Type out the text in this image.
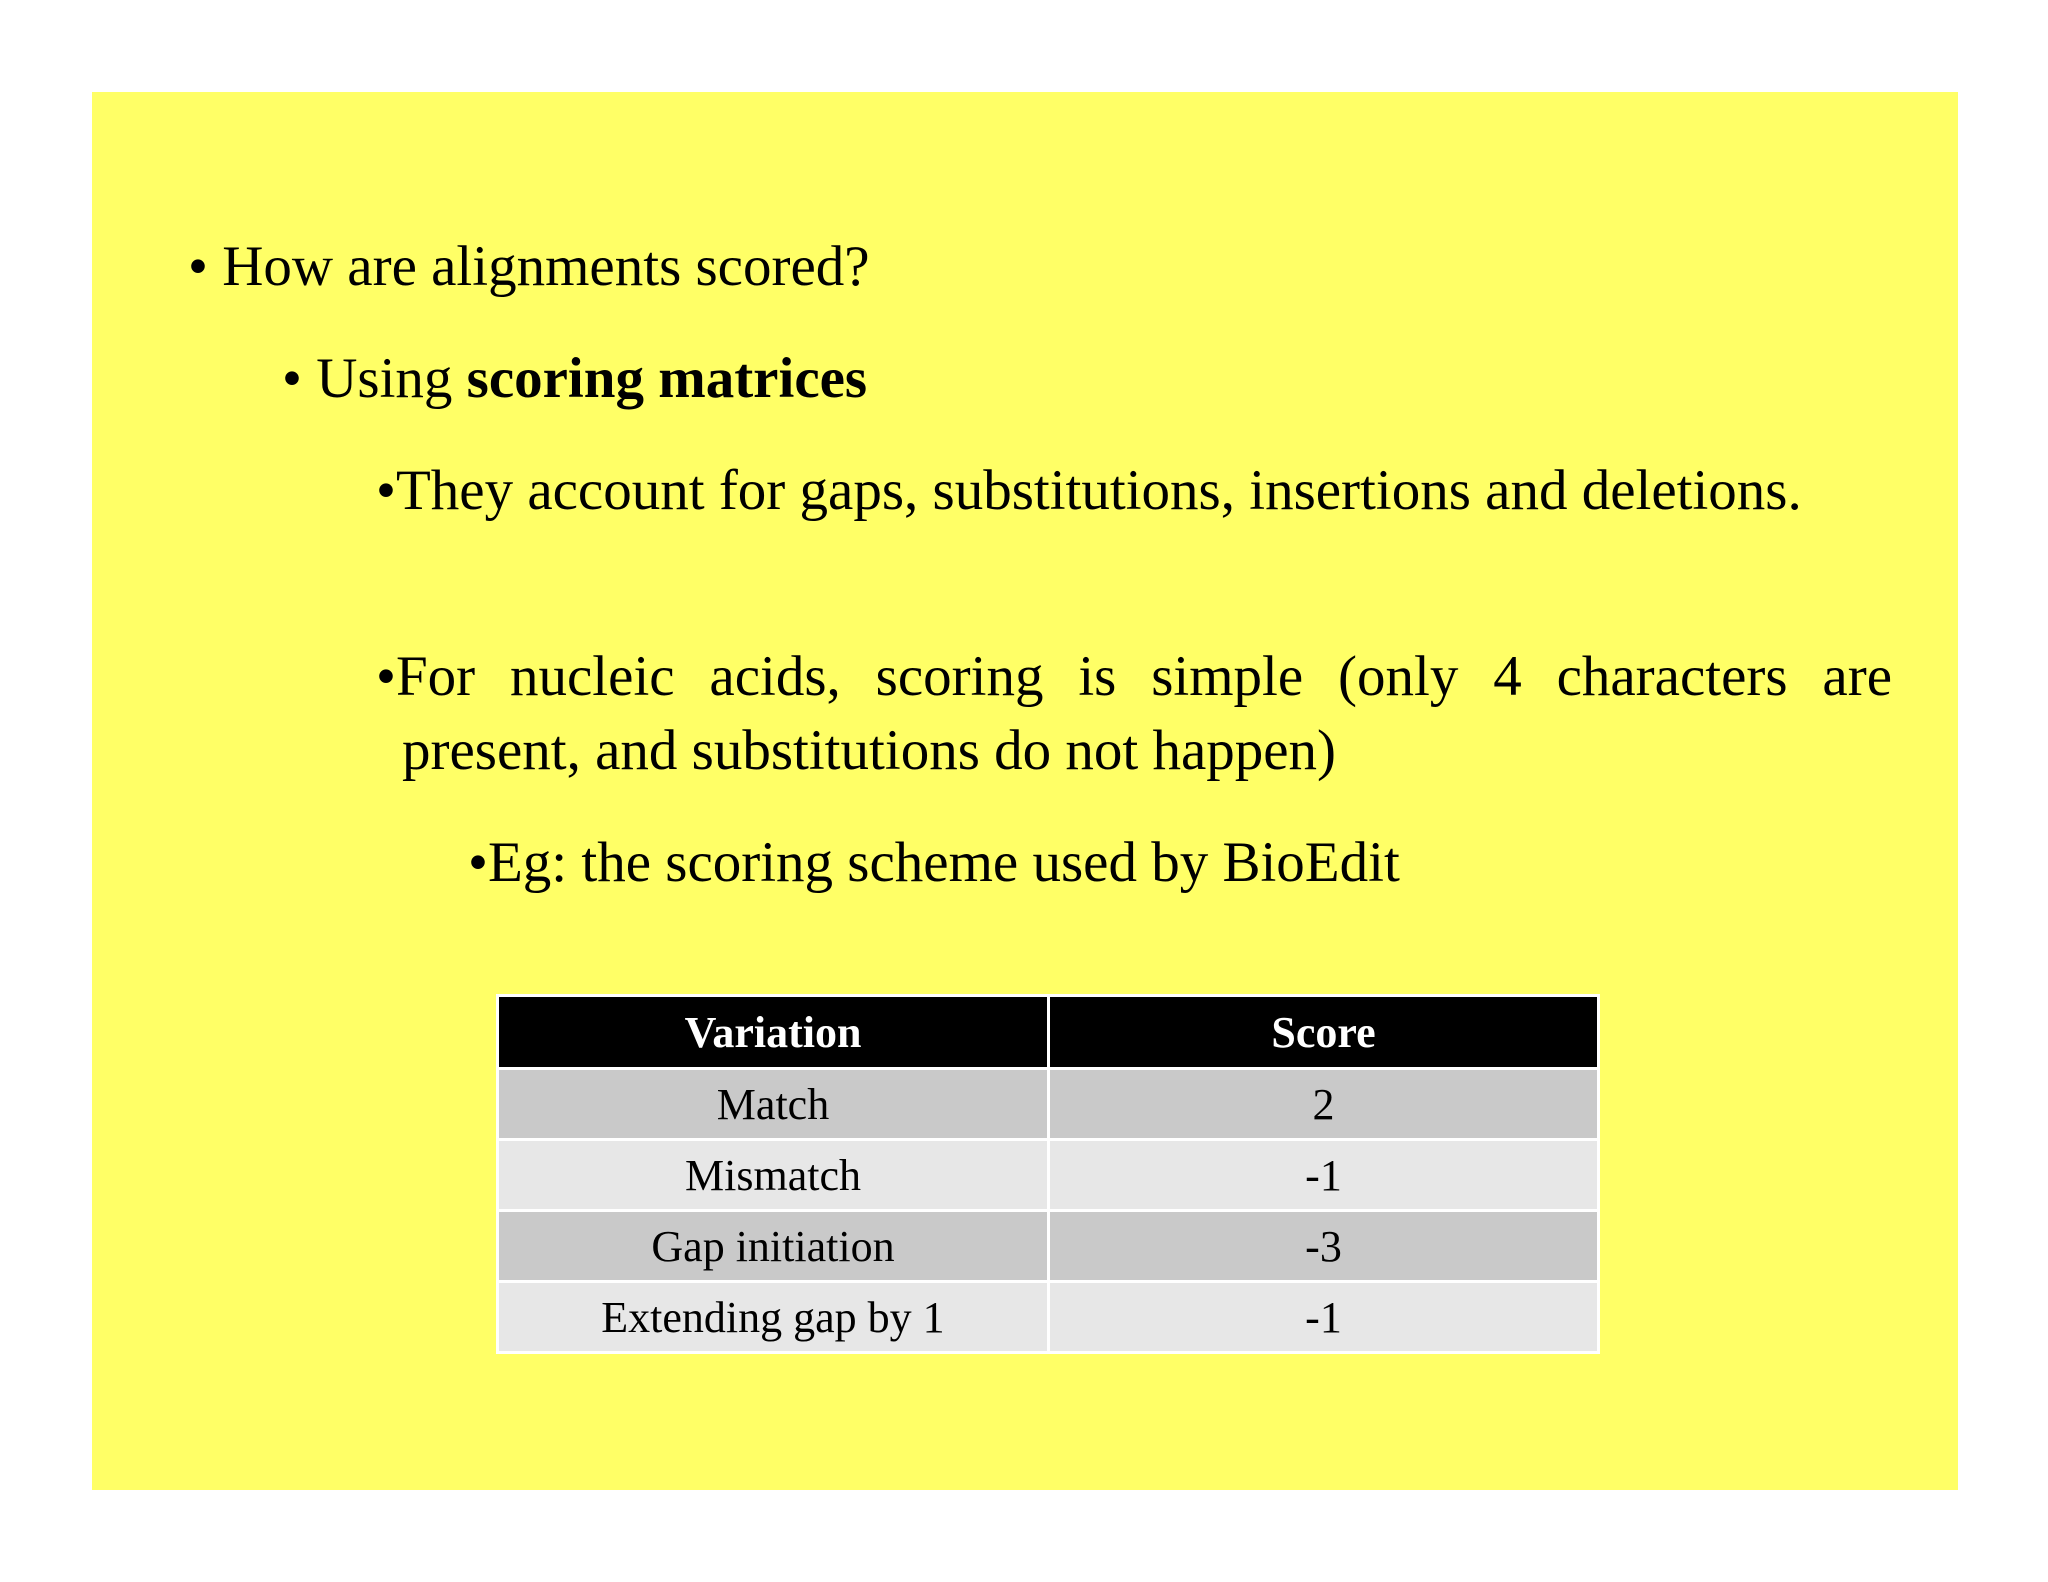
• How are alignments scored?
• Using scoring matrices
•They account for gaps, substitutions, insertions and deletions.
•For nucleic acids, scoring is simple (only 4 characters are present, and substitutions do not happen)
•Eg: the scoring scheme used by BioEdit
Variation	Score
Match	2
Mismatch	-1
Gap initiation	-3
Extending gap by 1	-1
